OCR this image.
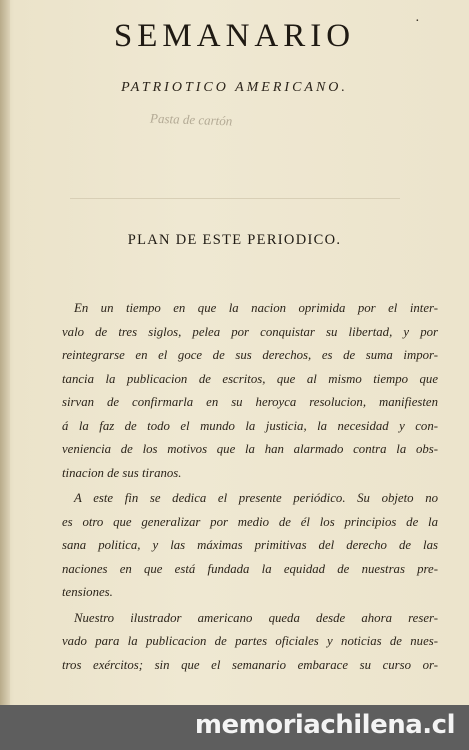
·
SEMANARIO
PATRIOTICO AMERICANO.
Pasta de cartón
PLAN DE ESTE PERIODICO.
En un tiempo en que la nacion oprimida por el inter-
valo de tres siglos, pelea por conquistar su libertad, y por
reintegrarse en el goce de sus derechos, es de suma impor-
tancia la publicacion de escritos, que al mismo tiempo que
sirvan de confirmarla en su heroyca resolucion, manifiesten
á la faz de todo el mundo la justicia, la necesidad y con-
veniencia de los motivos que la han alarmado contra la obs-
tinacion de sus tiranos.
A este fin se dedica el presente periódico. Su objeto no
es otro que generalizar por medio de él los principios de la
sana politica, y las máximas primitivas del derecho de las
naciones en que está fundada la equidad de nuestras pre-
tensiones.
Nuestro ilustrador americano queda desde ahora reser-
vado para la publicacion de partes oficiales y noticias de nues-
tros exércitos; sin que el semanario embarace su curso or-
memoriachilena.cl
